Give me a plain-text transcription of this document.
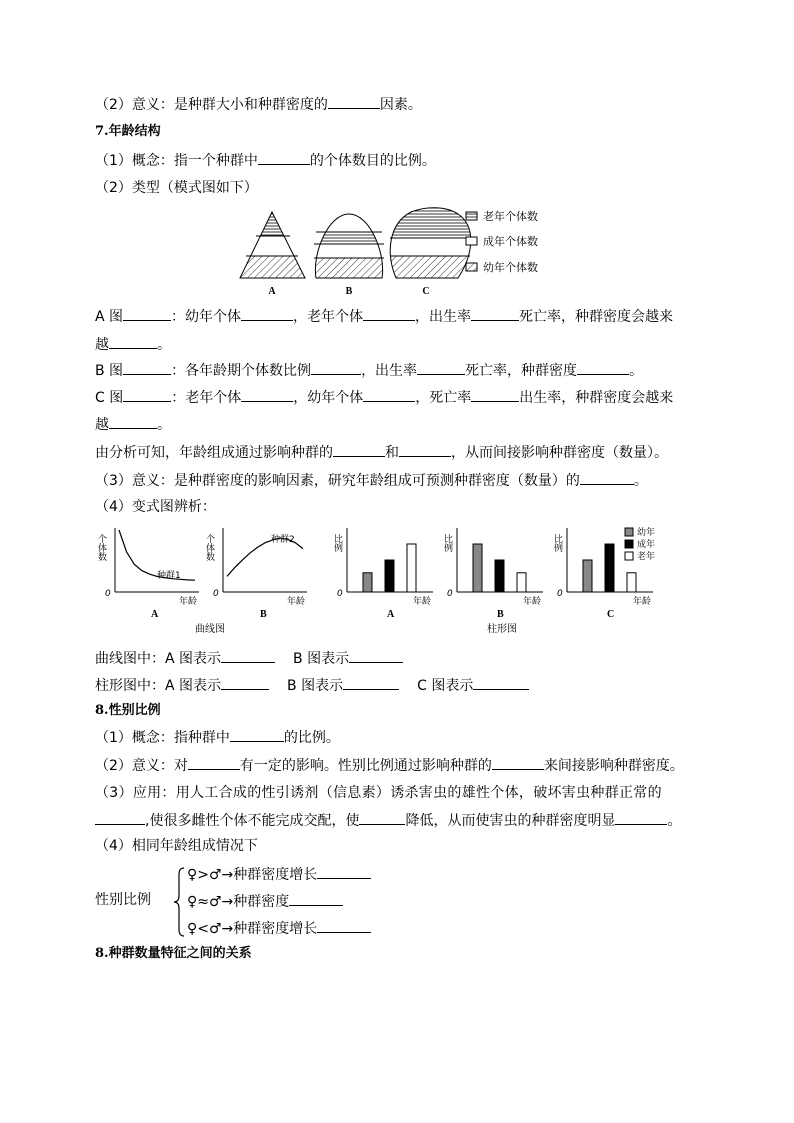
（2）意义：是种群大小和种群密度的	因素。
7.年龄结构
（1）概念：指一个种群中	的个体数目的比例。
（2）类型（模式图如下）
A	B	C
老年个体数
成年个体数
幼年个体数
A 图	：幼年个体	，老年个体	，出生率	死亡率，种群密度会越来
越	。
B 图	：各年龄期个体数比例	，出生率	死亡率，种群密度	。
C 图	：老年个体	，幼年个体	，死亡率	出生率，种群密度会越来
越	。
由分析可知，年龄组成通过影响种群的	和	，从而间接影响种群密度（数量）。
（3）意义：是种群密度的影响因素，研究年龄组成可预测种群密度（数量）的	。
（4）变式图辨析：
个体数
0
年龄
种群1
A
个体数
0
年龄
种群2
B
曲线图
比例
0
年龄
A
比例
0
年龄
B
比例
0
年龄
C
柱形图
幼年
成年
老年
曲线图中：A 图表示	B 图表示
柱形图中：A 图表示	B 图表示	C 图表示
8.性别比例
（1）概念：指种群中	的比例。
（2）意义：对	有一定的影响。性别比例通过影响种群的	来间接影响种群密度。
（3）应用：用人工合成的性引诱剂（信息素）诱杀害虫的雄性个体，破坏害虫种群正常的
,使很多雌性个体不能完成交配，使	降低，从而使害虫的种群密度明显	。
（4）相同年龄组成情况下
性别比例
♀>♂→种群密度增长
♀≈♂→种群密度
♀<♂→种群密度增长
8.种群数量特征之间的关系
